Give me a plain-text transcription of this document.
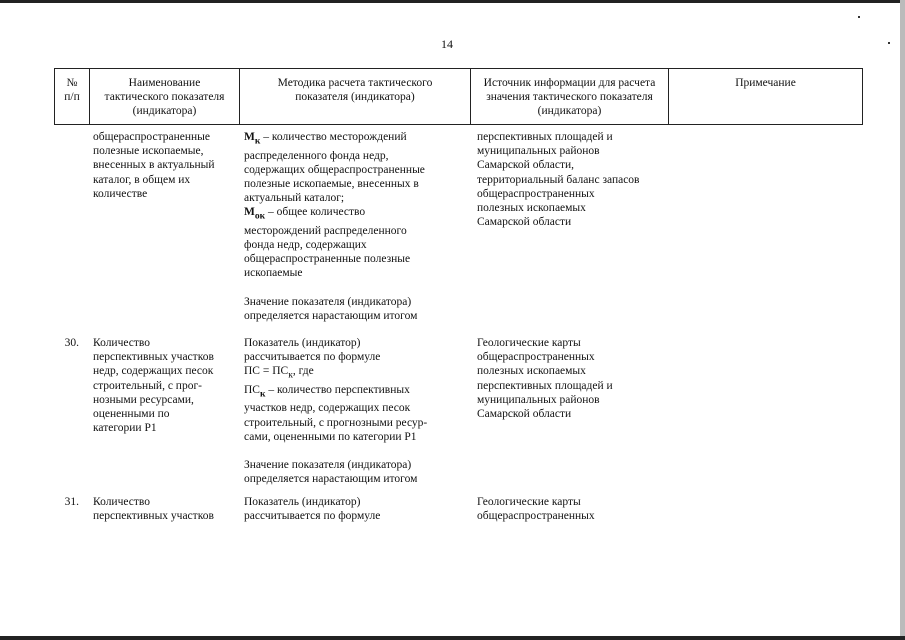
14
№
п/п
Наименование
тактического показателя
(индикатора)
Методика расчета тактического
показателя (индикатора)
Источник информации для расчета
значения тактического показателя
(индикатора)
Примечание
общераспространенные
полезные ископаемые,
внесенных в актуальный
каталог, в общем их
количестве
$М_к$ – количество месторождений
распределенного фонда недр,
содержащих общераспространенные
полезные ископаемые, внесенных в
актуальный каталог;
$М_{ок}$ – общее количество
месторождений распределенного
фонда недр, содержащих
общераспространенные полезные
ископаемые
Значение показателя (индикатора)
определяется нарастающим итогом
перспективных площадей и
муниципальных районов
Самарской области,
территориальный баланс запасов
общераспространенных
полезных ископаемых
Самарской области
30. Количество
перспективных участков
недр, содержащих песок
строительный, с прог-
нозными ресурсами,
оцененными по
категории Р1
Показатель (индикатор)
рассчитывается по формуле
ПС = $ПС_к$, где
$ПС_к$ – количество перспективных
участков недр, содержащих песок
строительный, с прогнозными ресур-
сами, оцененными по категории Р1
Значение показателя (индикатора)
определяется нарастающим итогом
Геологические карты
общераспространенных
полезных ископаемых
перспективных площадей и
муниципальных районов
Самарской области
31. Количество
перспективных участков
Показатель (индикатор)
рассчитывается по формуле
Геологические карты
общераспространенных
